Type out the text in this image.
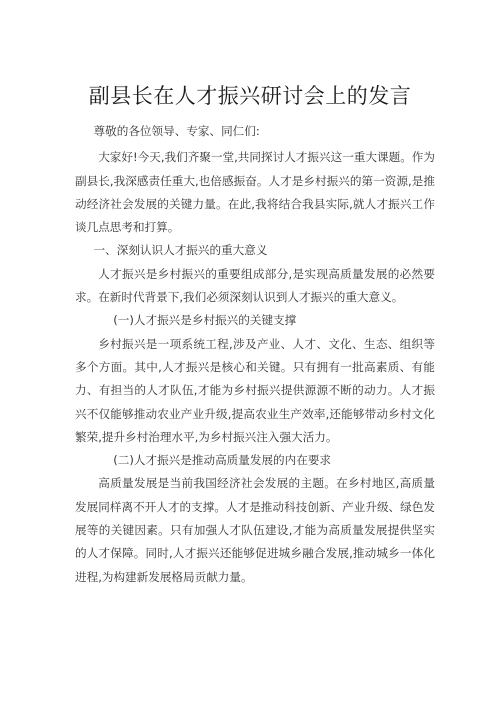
副县长在人才振兴研讨会上的发言

尊敬的各位领导、专家、同仁们:

大家好!今天,我们齐聚一堂,共同探讨人才振兴这一重大课题。作为副县长,我深感责任重大,也倍感振奋。人才是乡村振兴的第一资源,是推动经济社会发展的关键力量。在此,我将结合我县实际,就人才振兴工作谈几点思考和打算。

一、深刻认识人才振兴的重大意义

人才振兴是乡村振兴的重要组成部分,是实现高质量发展的必然要求。在新时代背景下,我们必须深刻认识到人才振兴的重大意义。

(一)人才振兴是乡村振兴的关键支撑

乡村振兴是一项系统工程,涉及产业、人才、文化、生态、组织等多个方面。其中,人才振兴是核心和关键。只有拥有一批高素质、有能力、有担当的人才队伍,才能为乡村振兴提供源源不断的动力。人才振兴不仅能够推动农业产业升级,提高农业生产效率,还能够带动乡村文化繁荣,提升乡村治理水平,为乡村振兴注入强大活力。

(二)人才振兴是推动高质量发展的内在要求

高质量发展是当前我国经济社会发展的主题。在乡村地区,高质量发展同样离不开人才的支撑。人才是推动科技创新、产业升级、绿色发展等的关键因素。只有加强人才队伍建设,才能为高质量发展提供坚实的人才保障。同时,人才振兴还能够促进城乡融合发展,推动城乡一体化进程,为构建新发展格局贡献力量。
